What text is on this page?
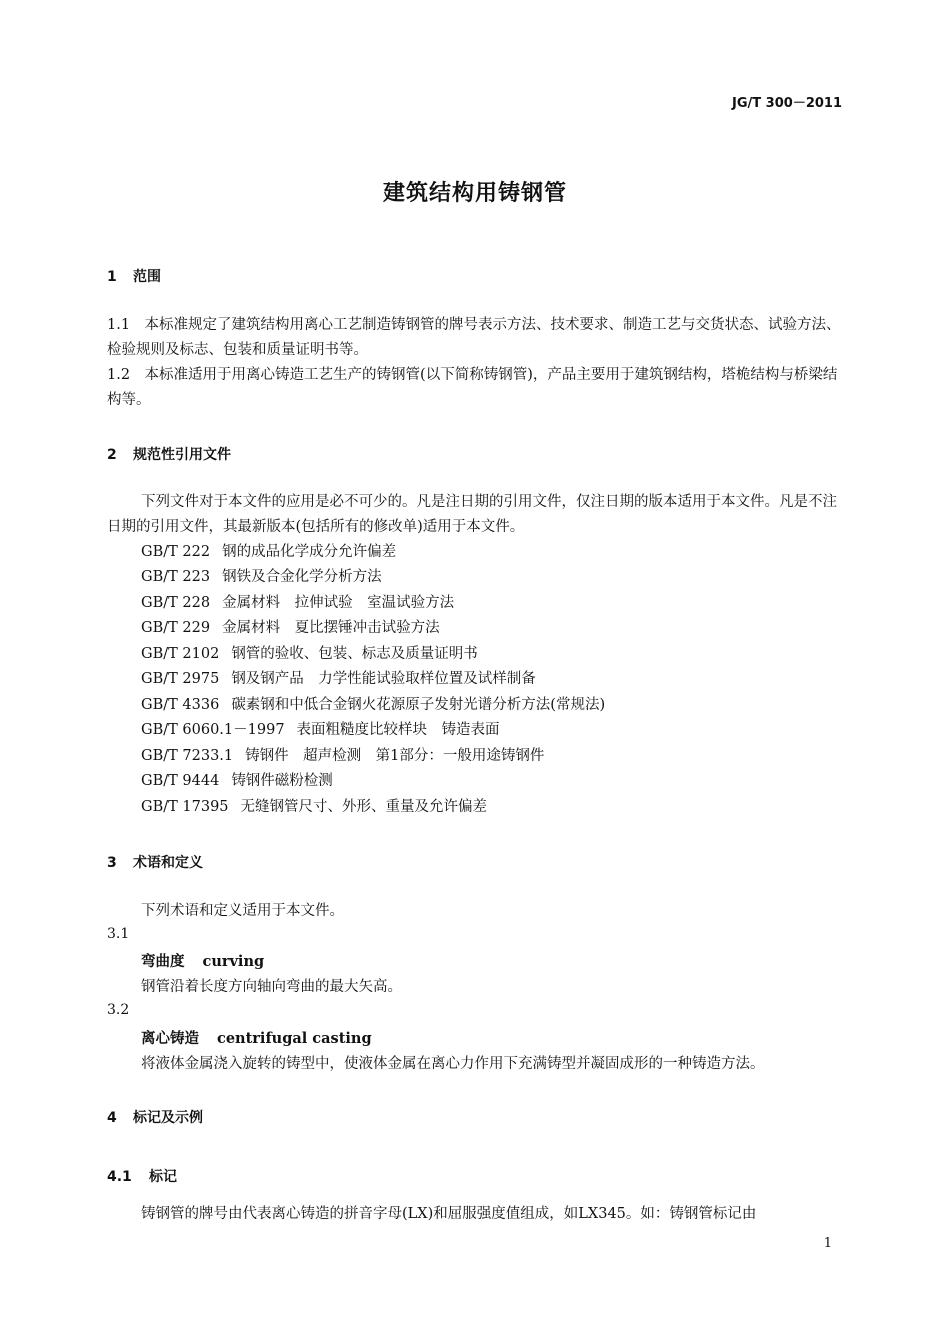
JG/T 300－2011
建筑结构用铸钢管
1 范围
1.1　本标准规定了建筑结构用离心工艺制造铸钢管的牌号表示方法、技术要求、制造工艺与交货状态、试验方法、检验规则及标志、包装和质量证明书等。
1.2　本标准适用于用离心铸造工艺生产的铸钢管(以下简称铸钢管)，产品主要用于建筑钢结构，塔桅结构与桥梁结构等。
2 规范性引用文件
下列文件对于本文件的应用是必不可少的。凡是注日期的引用文件，仅注日期的版本适用于本文件。凡是不注日期的引用文件，其最新版本(包括所有的修改单)适用于本文件。
GB/T 222 钢的成品化学成分允许偏差
GB/T 223 钢铁及合金化学分析方法
GB/T 228 金属材料　拉伸试验　室温试验方法
GB/T 229 金属材料　夏比摆锤冲击试验方法
GB/T 2102 钢管的验收、包装、标志及质量证明书
GB/T 2975 钢及钢产品　力学性能试验取样位置及试样制备
GB/T 4336 碳素钢和中低合金钢火花源原子发射光谱分析方法(常规法)
GB/T 6060.1－1997 表面粗糙度比较样块　铸造表面
GB/T 7233.1 铸钢件　超声检测　第1部分：一般用途铸钢件
GB/T 9444 铸钢件磁粉检测
GB/T 17395 无缝钢管尺寸、外形、重量及允许偏差
3 术语和定义
下列术语和定义适用于本文件。
3.1
弯曲度 curving
钢管沿着长度方向轴向弯曲的最大矢高。
3.2
离心铸造 centrifugal casting
将液体金属浇入旋转的铸型中，使液体金属在离心力作用下充满铸型并凝固成形的一种铸造方法。
4 标记及示例
4.1 标记
铸钢管的牌号由代表离心铸造的拼音字母(LX)和屈服强度值组成，如LX345。如：铸钢管标记由
1
